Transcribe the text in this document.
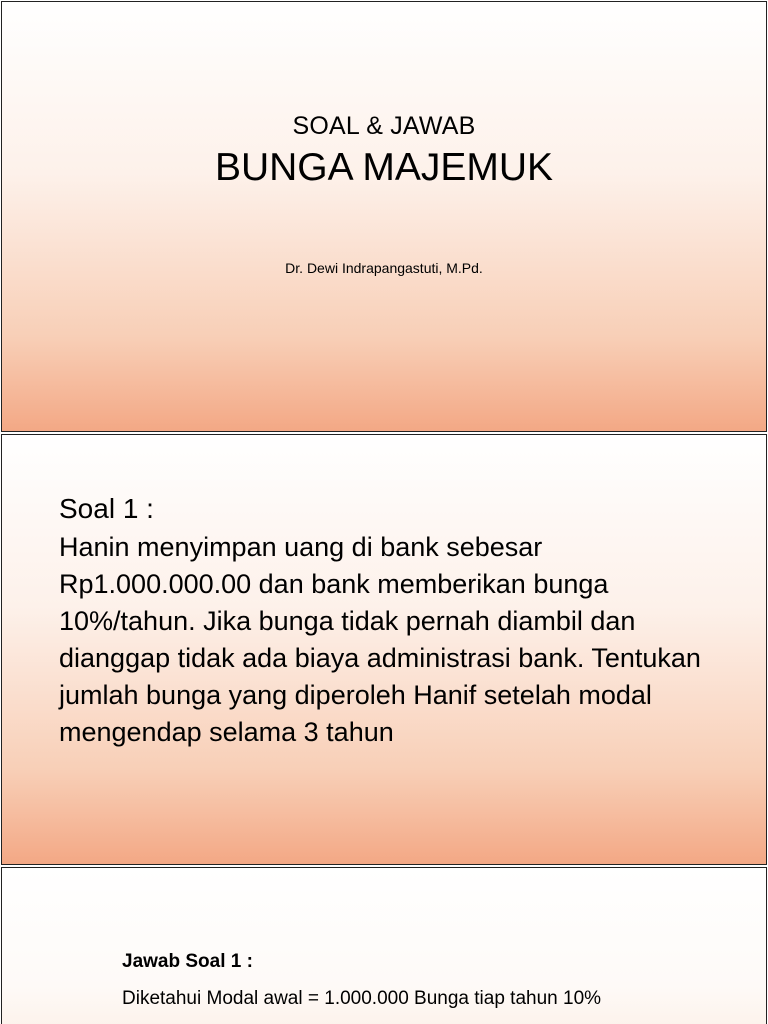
SOAL & JAWAB
BUNGA MAJEMUK
Dr. Dewi Indrapangastuti, M.Pd.
Soal 1 :
Hanin menyimpan uang di bank sebesar Rp1.000.000.00 dan bank memberikan bunga 10%/tahun. Jika bunga tidak pernah diambil dan dianggap tidak ada biaya administrasi bank. Tentukan jumlah bunga yang diperoleh Hanif setelah modal mengendap selama 3 tahun
Jawab Soal 1 :
Diketahui Modal awal = 1.000.000 Bunga tiap tahun 10%
